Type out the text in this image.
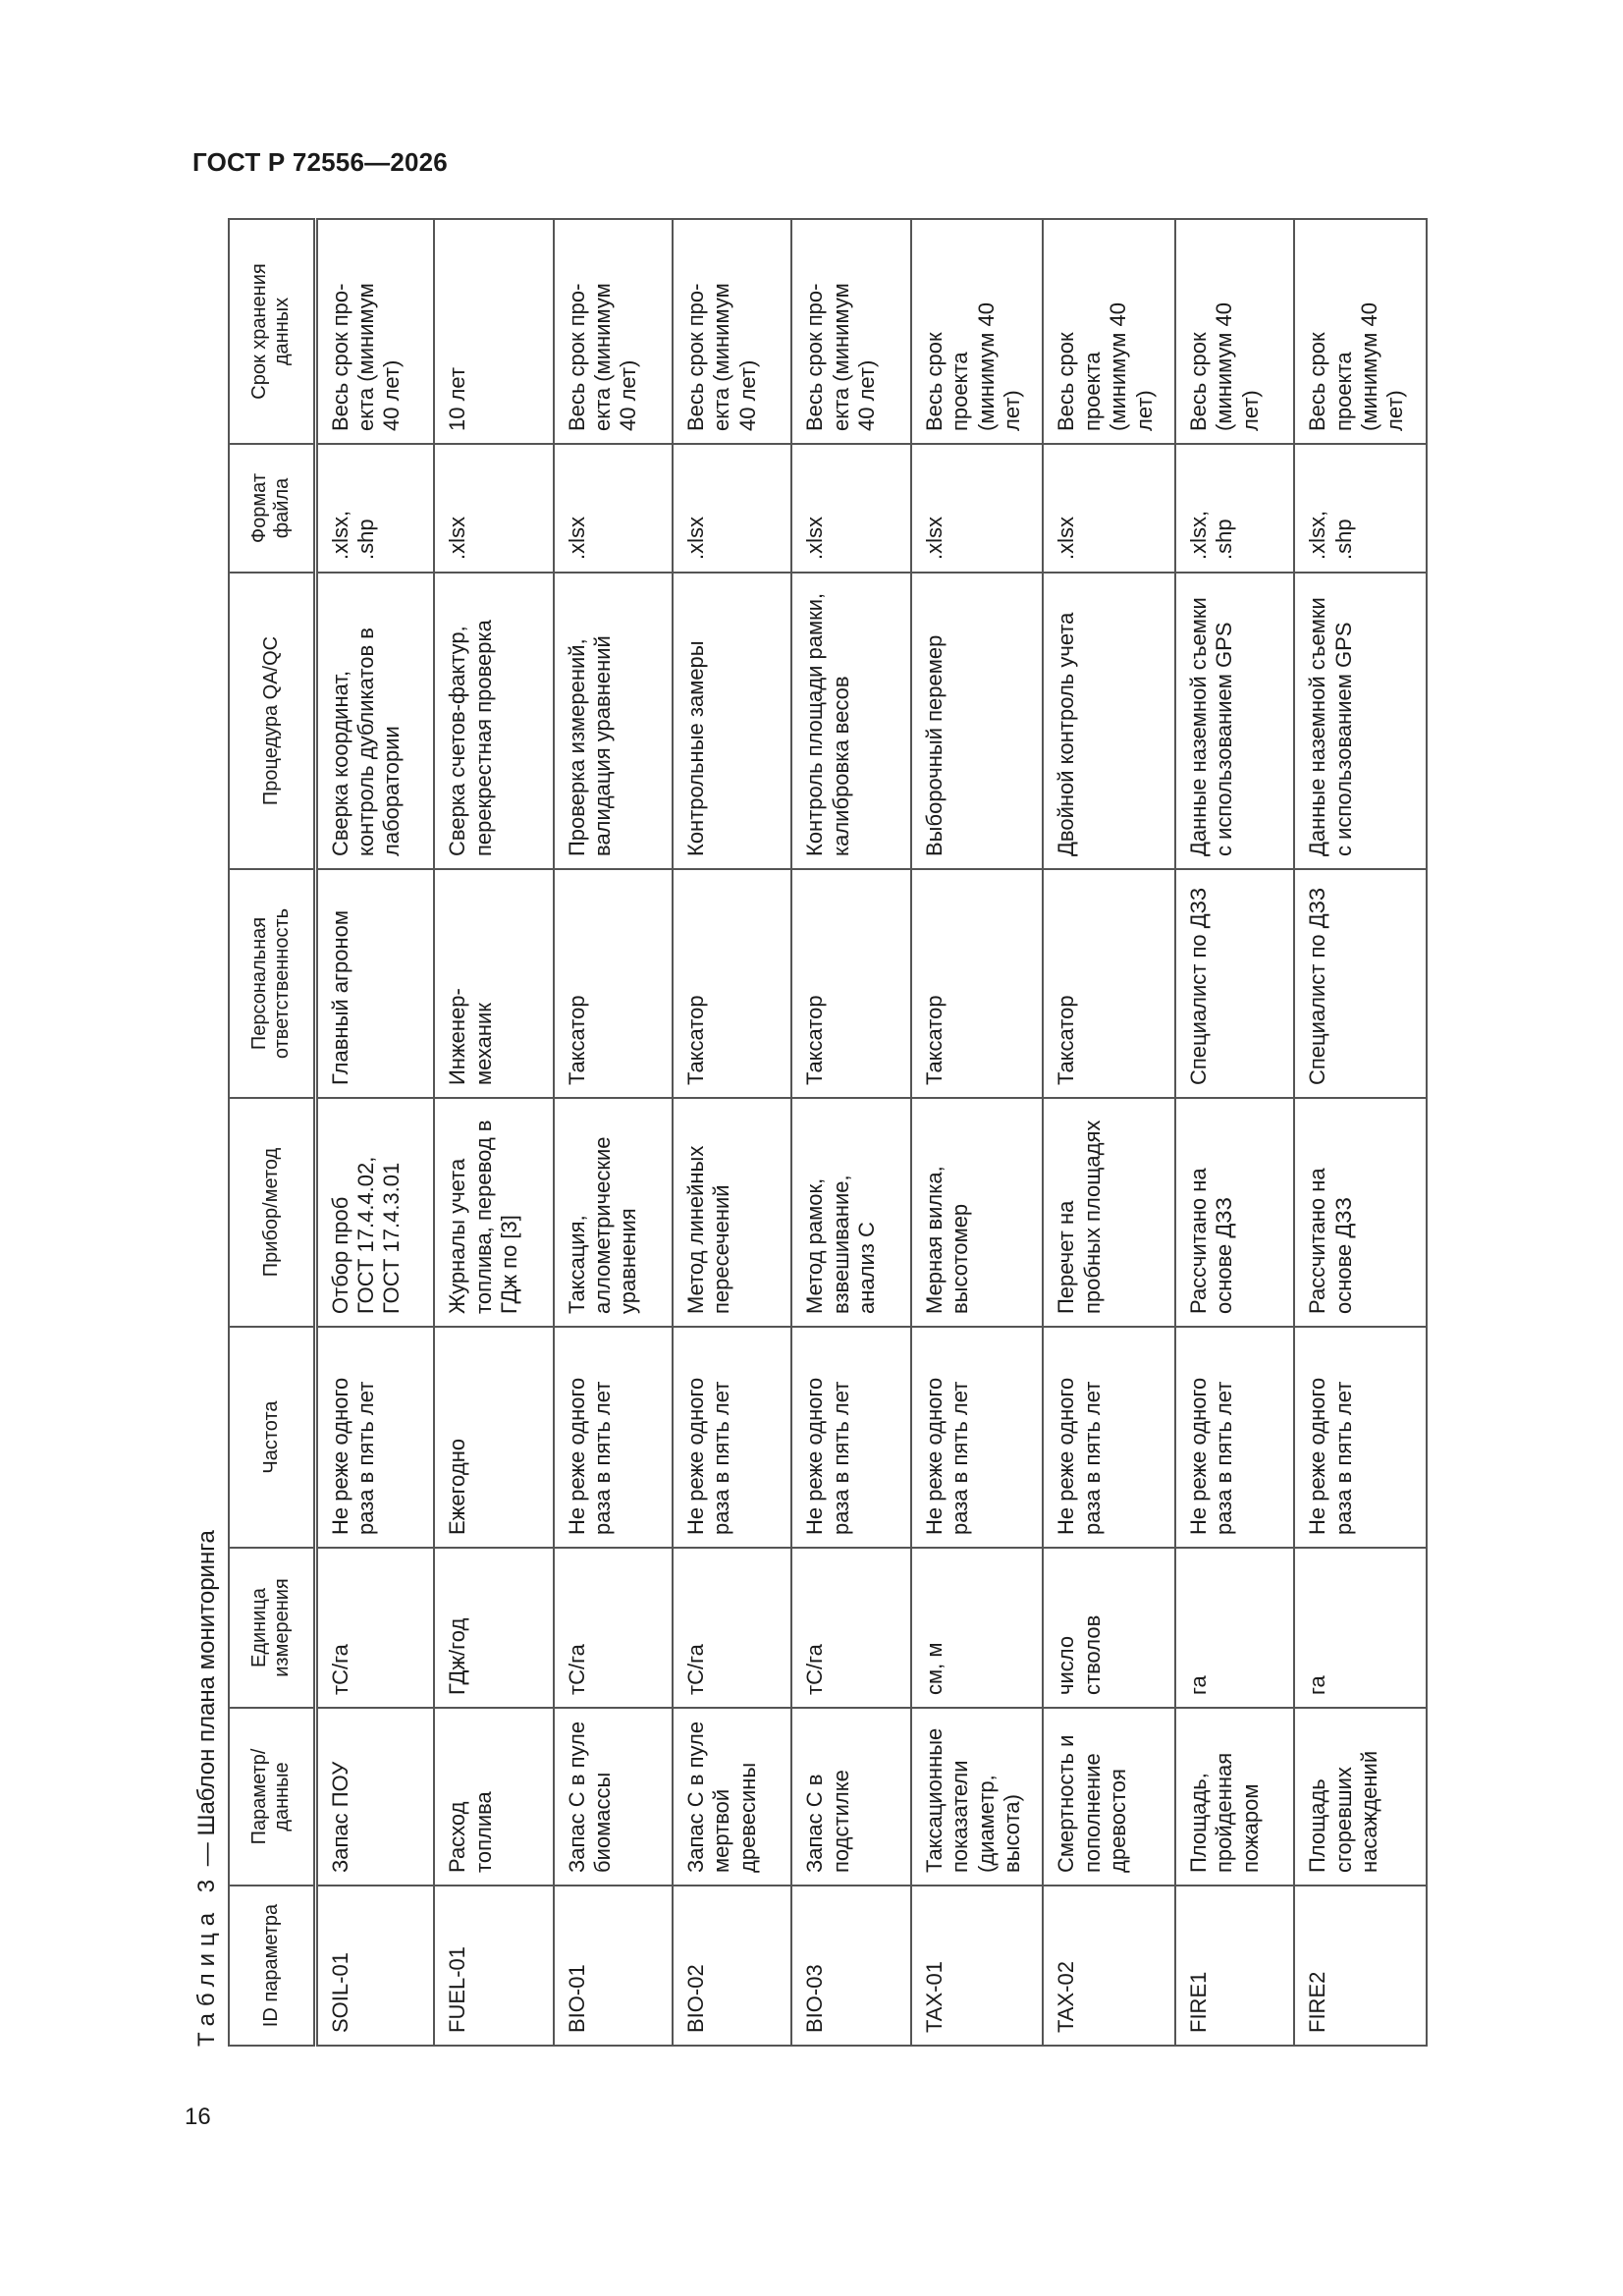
ГОСТ Р 72556—2026
16
Таблица 3 — Шаблон плана мониторинга
ID параметра	Параметр/данные	Единица измерения	Частота	Прибор/метод	Персональная ответственность	Процедура QA/QC	Формат файла	Срок хранения данных
SOIL-01	Запас ПОУ	тС/га	Не реже одного раза в пять лет	Отбор проб
ГОСТ 17.4.4.02,
ГОСТ 17.4.3.01	Главный агроном	Сверка координат, контроль дубликатов в лаборатории	.xlsx,
.shp	Весь срок про-
екта (минимум
40 лет)
FUEL-01	Расход топлива	ГДж/год	Ежегодно	Журналы учета топлива, перевод в ГДж по [3]	Инженер-
механик	Сверка счетов-фактур, перекрестная проверка	.xlsx	10 лет
BIO-01	Запас С в пуле биомассы	тС/га	Не реже одного раза в пять лет	Таксация, аллометрические уравнения	Таксатор	Проверка измерений, валидация уравнений	.xlsx	Весь срок про-
екта (минимум
40 лет)
BIO-02	Запас С в пуле мертвой древесины	тС/га	Не реже одного раза в пять лет	Метод линейных пересечений	Таксатор	Контрольные замеры	.xlsx	Весь срок про-
екта (минимум
40 лет)
BIO-03	Запас С в подстилке	тС/га	Не реже одного раза в пять лет	Метод рамок, взвешивание, анализ С	Таксатор	Контроль площади рамки, калибровка весов	.xlsx	Весь срок про-
екта (минимум
40 лет)
TAX-01	Таксационные показатели (диаметр, высота)	см, м	Не реже одного раза в пять лет	Мерная вилка, высотомер	Таксатор	Выборочный перемер	.xlsx	Весь срок
проекта
(минимум 40
лет)
TAX-02	Смертность и пополнение древостоя	число
стволов	Не реже одного раза в пять лет	Перечет на пробных площадях	Таксатор	Двойной контроль учета	.xlsx	Весь срок
проекта
(минимум 40
лет)
FIRE1	Площадь, пройденная пожаром	га	Не реже одного раза в пять лет	Рассчитано на основе ДЗЗ	Специалист по ДЗЗ	Данные наземной съемки с использованием GPS	.xlsx,
.shp	Весь срок
(минимум 40
лет)
FIRE2	Площадь сгоревших насаждений	га	Не реже одного раза в пять лет	Рассчитано на основе ДЗЗ	Специалист по ДЗЗ	Данные наземной съемки с использованием GPS	.xlsx,
.shp	Весь срок
проекта
(минимум 40
лет)
